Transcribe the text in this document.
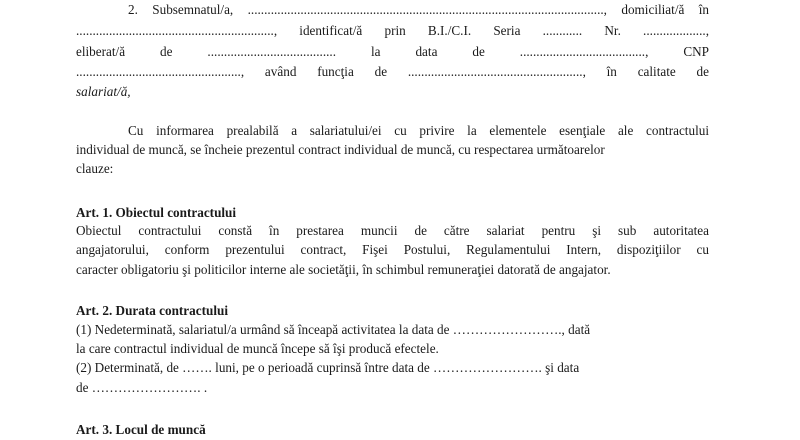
2. Subsemnatul/a, ............................................................................................................, domiciliat/ă în
............................................................, identificat/ă prin B.I./C.I. Seria ............ Nr. ...................,
eliberat/ă de ....................................... la data de ......................................, CNP
.................................................., având funcţia de ....................................................., în calitate de
salariat/ă,
Cu informarea prealabilă a salariatului/ei cu privire la elementele esenţiale ale contractului
individual de muncă, se încheie prezentul contract individual de muncă, cu respectarea următoarelor
clauze:
Art. 1. Obiectul contractului
Obiectul contractului constă în prestarea muncii de către salariat pentru şi sub autoritatea
angajatorului, conform prezentului contract, Fişei Postului, Regulamentului Intern, dispoziţiilor cu
caracter obligatoriu şi politicilor interne ale societăţii, în schimbul remuneraţiei datorată de angajator.
Art. 2. Durata contractului
(1) Nedeterminată, salariatul/a urmând să înceapă activitatea la data de ……………………., dată
la care contractul individual de muncă începe să îşi producă efectele.
(2) Determinată, de ……. luni, pe o perioadă cuprinsă între data de ……………………. şi data
de ……………………. .
Art. 3. Locul de muncă
